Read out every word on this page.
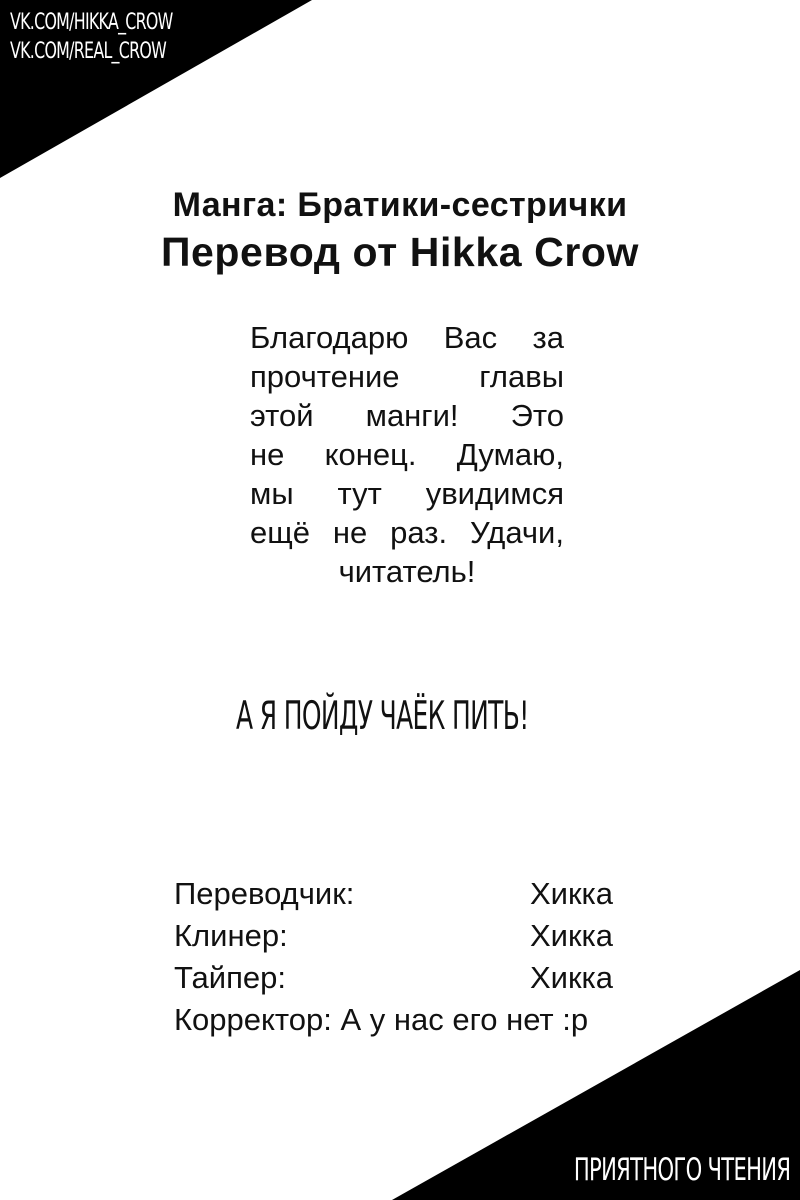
VK.COM/HIKKA_CROW
VK.COM/REAL_CROW
Манга: Братики-сестрички
Перевод от Hikka Crow
Благодарю Вас за
прочтение главы
этой манги! Это
не конец. Думаю,
мы тут увидимся
ещё не раз. Удачи,
читатель!
А Я ПОЙДУ ЧАЁК ПИТЬ!
Переводчик:	Хикка
Клинер:	Хикка
Тайпер:	Хикка
Корректор: А у нас его нет :p
ПРИЯТНОГО ЧТЕНИЯ
